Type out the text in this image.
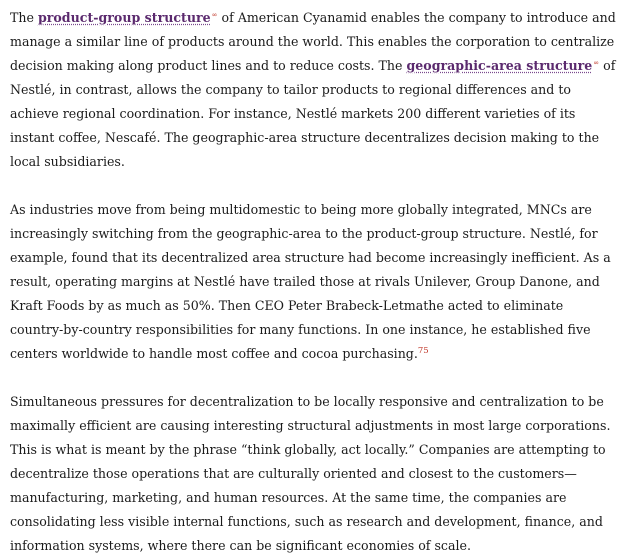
The product-group structure∞ of American Cyanamid enables the company to introduce and manage a similar line of products around the world. This enables the corporation to centralize decision making along product lines and to reduce costs. The geographic-area structure∞ of Nestlé, in contrast, allows the company to tailor products to regional differences and to achieve regional coordination. For instance, Nestlé markets 200 different varieties of its instant coffee, Nescafé. The geographic-area structure decentralizes decision making to the local subsidiaries.

As industries move from being multidomestic to being more globally integrated, MNCs are increasingly switching from the geographic-area to the product-group structure. Nestlé, for example, found that its decentralized area structure had become increasingly inefficient. As a result, operating margins at Nestlé have trailed those at rivals Unilever, Group Danone, and Kraft Foods by as much as 50%. Then CEO Peter Brabeck-Letmathe acted to eliminate country-by-country responsibilities for many functions. In one instance, he established five centers worldwide to handle most coffee and cocoa purchasing.$^{75}$

Simultaneous pressures for decentralization to be locally responsive and centralization to be maximally efficient are causing interesting structural adjustments in most large corporations. This is what is meant by the phrase “think globally, act locally.” Companies are attempting to decentralize those operations that are culturally oriented and closest to the customers—manufacturing, marketing, and human resources. At the same time, the companies are consolidating less visible internal functions, such as research and development, finance, and information systems, where there can be significant economies of scale.
